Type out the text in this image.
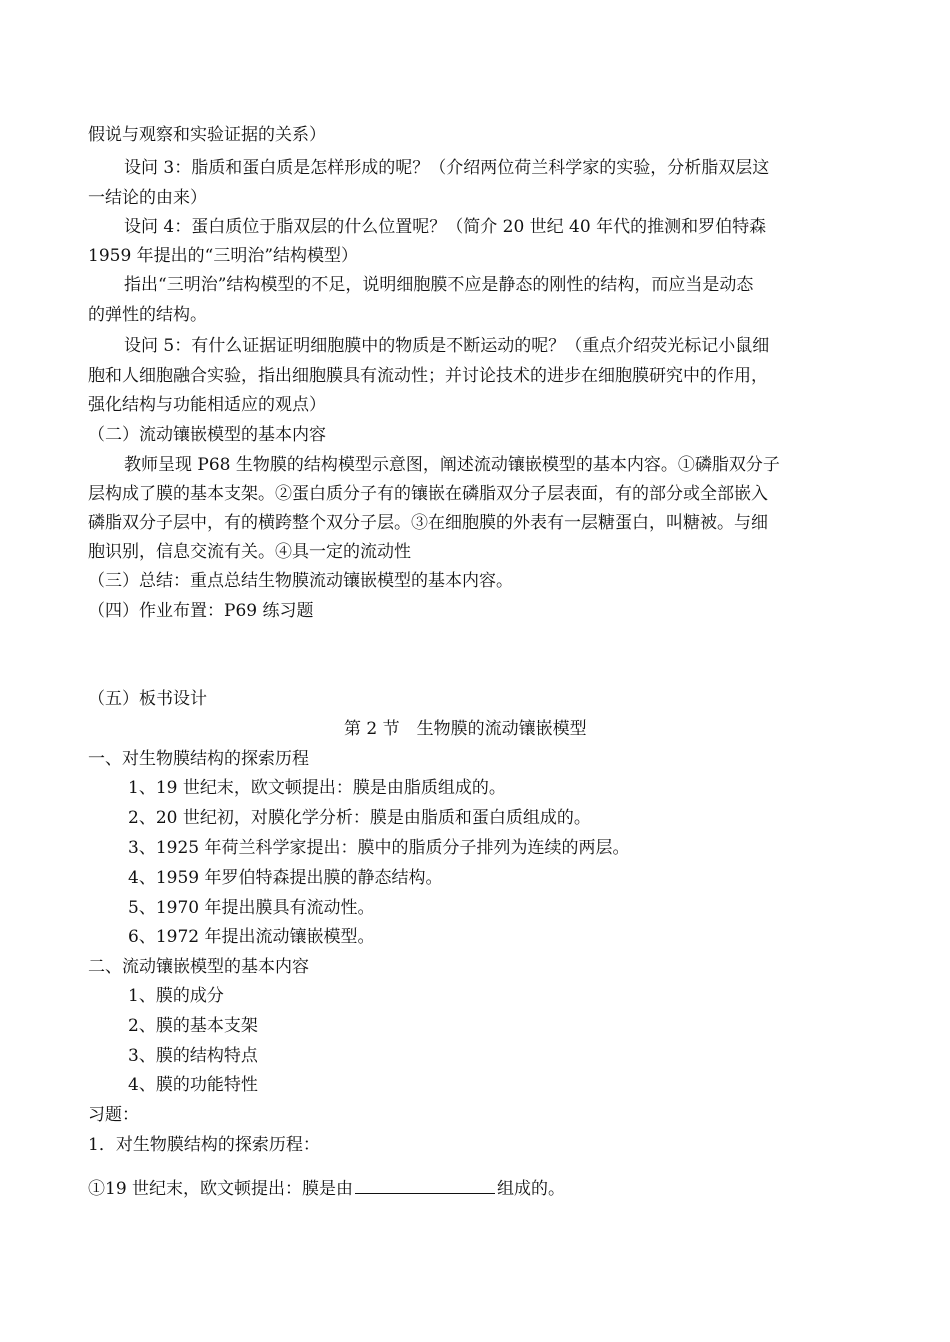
假说与观察和实验证据的关系）
设问 3：脂质和蛋白质是怎样形成的呢？（介绍两位荷兰科学家的实验，分析脂双层这
一结论的由来）
设问 4：蛋白质位于脂双层的什么位置呢？（简介 20 世纪 40 年代的推测和罗伯特森
1959 年提出的“三明治”结构模型）
指出“三明治”结构模型的不足，说明细胞膜不应是静态的刚性的结构，而应当是动态
的弹性的结构。
设问 5：有什么证据证明细胞膜中的物质是不断运动的呢？（重点介绍荧光标记小鼠细
胞和人细胞融合实验，指出细胞膜具有流动性；并讨论技术的进步在细胞膜研究中的作用，
强化结构与功能相适应的观点）
（二）流动镶嵌模型的基本内容
教师呈现 P68 生物膜的结构模型示意图，阐述流动镶嵌模型的基本内容。①磷脂双分子
层构成了膜的基本支架。②蛋白质分子有的镶嵌在磷脂双分子层表面，有的部分或全部嵌入
磷脂双分子层中，有的横跨整个双分子层。③在细胞膜的外表有一层糖蛋白，叫糖被。与细
胞识别，信息交流有关。④具一定的流动性
（三）总结：重点总结生物膜流动镶嵌模型的基本内容。
（四）作业布置：P69 练习题
（五）板书设计
第 2 节　生物膜的流动镶嵌模型
一、对生物膜结构的探索历程
1、19 世纪末，欧文顿提出：膜是由脂质组成的。
2、20 世纪初，对膜化学分析：膜是由脂质和蛋白质组成的。
3、1925 年荷兰科学家提出：膜中的脂质分子排列为连续的两层。
4、1959 年罗伯特森提出膜的静态结构。
5、1970 年提出膜具有流动性。
6、1972 年提出流动镶嵌模型。
二、流动镶嵌模型的基本内容
1、膜的成分
2、膜的基本支架
3、膜的结构特点
4、膜的功能特性
习题：
1．对生物膜结构的探索历程：
①19 世纪末，欧文顿提出：膜是由	组成的。
